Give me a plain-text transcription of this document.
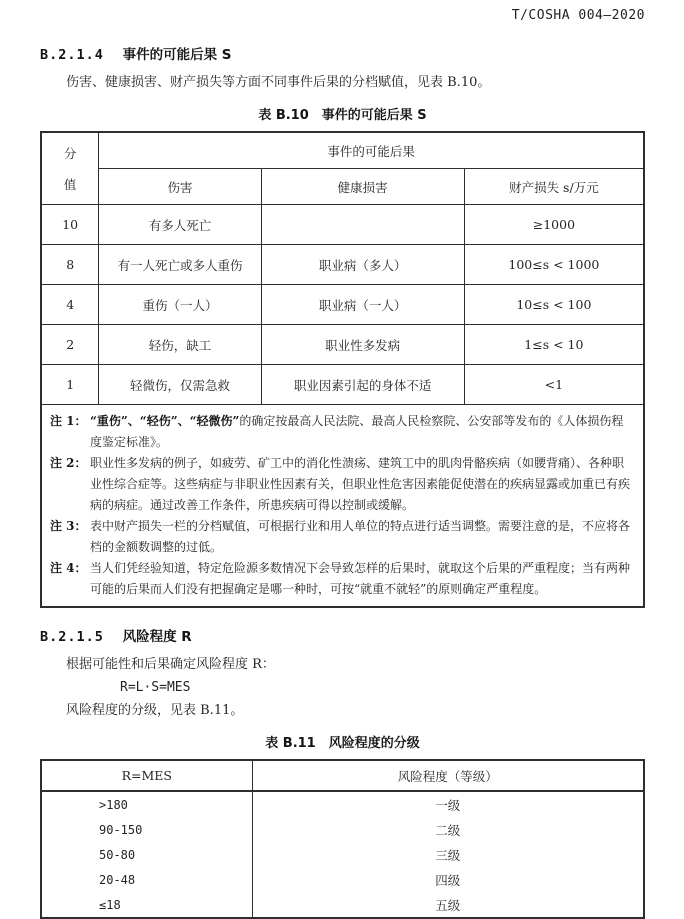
T/COSHA 004—2020
B.2.1.4 事件的可能后果 S

伤害、健康损害、财产损失等方面不同事件后果的分档赋值，见表 B.10。

表 B.10　事件的可能后果 S
分
值	事件的可能后果		
	伤害	健康损害	财产损失 s/万元
10	有多人死亡		≥1000
8	有一人死亡或多人重伤	职业病（多人）	100≤s < 1000
4	重伤（一人）	职业病（一人）	10≤s < 100
2	轻伤，缺工	职业性多发病	1≤s < 10
1	轻微伤，仅需急救	职业因素引起的身体不适	<1

注 1： “重伤”、“轻伤”、“轻微伤”的确定按最高人民法院、最高人民检察院、公安部等发布的《人体损伤程度鉴定标准》。
注 2： 职业性多发病的例子，如疲劳、矿工中的消化性溃疡、建筑工中的肌肉骨骼疾病（如腰背痛）、各种职业性综合症等。这些病症与非职业性因素有关，但职业性危害因素能促使潜在的疾病显露或加重已有疾病的病症。通过改善工作条件，所患疾病可得以控制或缓解。
注 3： 表中财产损失一栏的分档赋值，可根据行业和用人单位的特点进行适当调整。需要注意的是，不应将各档的金额数调整的过低。
注 4： 当人们凭经验知道，特定危险源多数情况下会导致怎样的后果时，就取这个后果的严重程度；当有两种可能的后果而人们没有把握确定是哪一种时，可按“就重不就轻”的原则确定严重程度。
B.2.1.5 风险程度 R

根据可能性和后果确定风险程度 R：

R=L·S=MES

风险程度的分级，见表 B.11。

表 B.11　风险程度的分级
R=MES	风险程度（等级）
>180	一级
90-150	二级
50-80	三级
20-48	四级
≤18	五级
